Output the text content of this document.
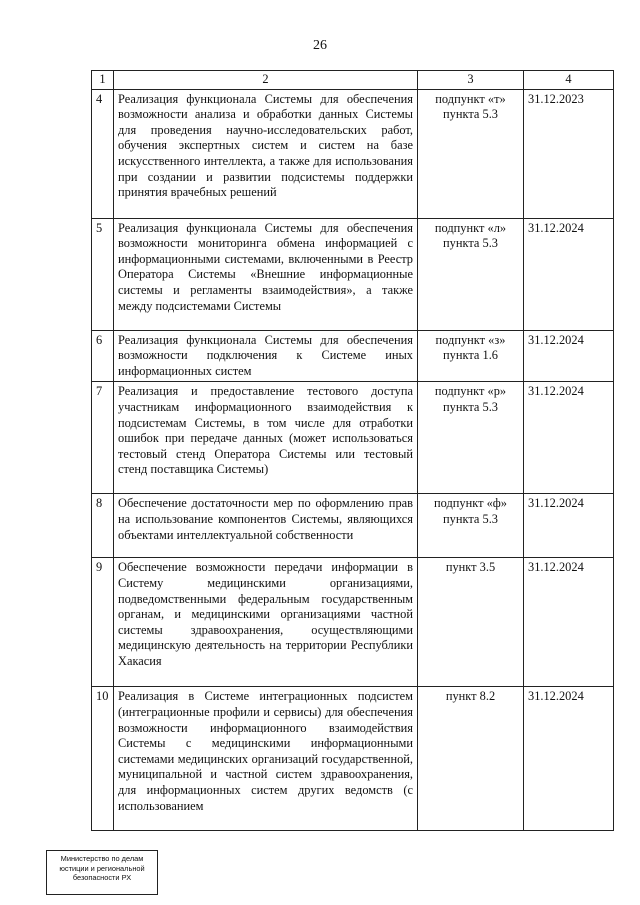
26
1	2	3	4
4	Реализация функционала Системы для обеспечения возможности анализа и обработки данных Системы для проведения научно-исследовательских работ, обучения экспертных систем и систем на базе искусственного интеллекта, а также для использования при создании и развитии подсистемы поддержки принятия врачебных решений	подпункт «т» пункта 5.3	31.12.2023
5	Реализация функционала Системы для обеспечения возможности мониторинга обмена информацией с информационными системами, включенными в Реестр Оператора Системы «Внешние информационные системы и регламенты взаимодействия», а также между подсистемами Системы	подпункт «л» пункта 5.3	31.12.2024
6	Реализация функционала Системы для обеспечения возможности подключения к Системе иных информационных систем	подпункт «з» пункта 1.6	31.12.2024
7	Реализация и предоставление тестового доступа участникам информационного взаимодействия к подсистемам Системы, в том числе для отработки ошибок при передаче данных (может использоваться тестовый стенд Оператора Системы или тестовый стенд поставщика Системы)	подпункт «р» пункта 5.3	31.12.2024
8	Обеспечение достаточности мер по оформлению прав на использование компонентов Системы, являющихся объектами интеллектуальной собственности	подпункт «ф» пункта 5.3	31.12.2024
9	Обеспечение возможности передачи информации в Систему медицинскими организациями, подведомственными федеральным государственным органам, и медицинскими организациями частной системы здравоохранения, осуществляющими медицинскую деятельность на территории Республики Хакасия	пункт 3.5	31.12.2024
10	Реализация в Системе интеграционных подсистем (интеграционные профили и сервисы) для обеспечения возможности информационного взаимодействия Системы с медицинскими информационными системами медицинских организаций государственной, муниципальной и частной систем здравоохранения, для информационных систем других ведомств (с использованием	пункт 8.2	31.12.2024
Министерство по делам
юстиции и региональной
безопасности РХ
